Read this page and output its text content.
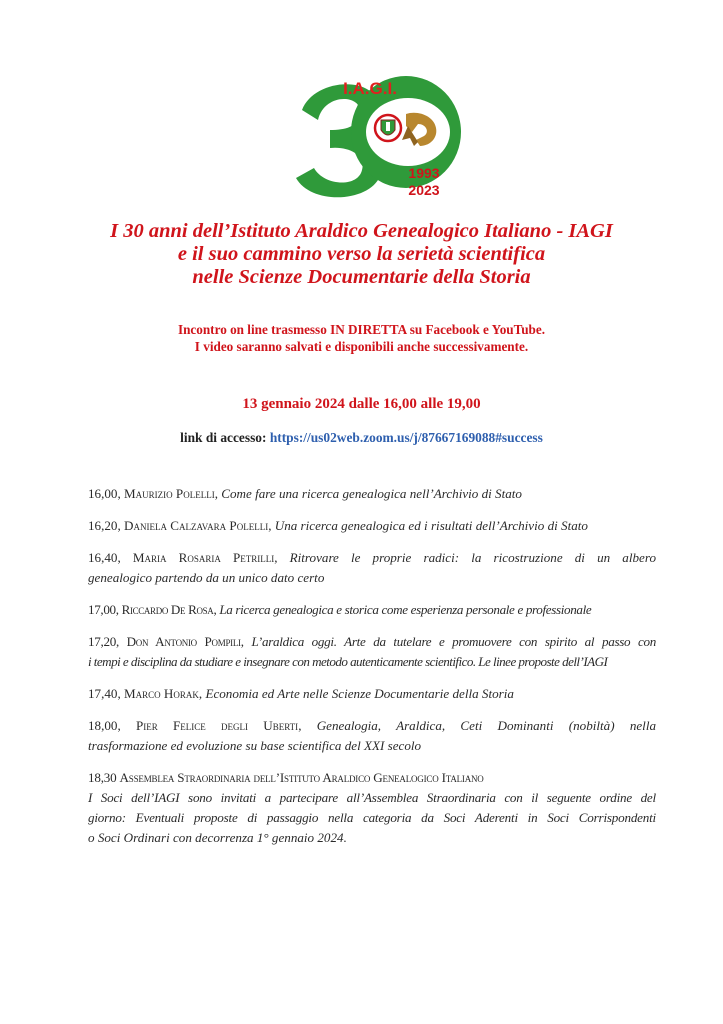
I.A.G.I.
1993
2023
I 30 anni dell’Istituto Araldico Genealogico Italiano - IAGI
e il suo cammino verso la serietà scientifica
nelle Scienze Documentarie della Storia
Incontro on line trasmesso IN DIRETTA su Facebook e YouTube.
I video saranno salvati e disponibili anche successivamente.
13 gennaio 2024 dalle 16,00 alle 19,00
link di accesso: https://us02web.zoom.us/j/87667169088#success
16,00, Maurizio Polelli, Come fare una ricerca genealogica nell’Archivio di Stato
16,20, Daniela Calzavara Polelli, Una ricerca genealogica ed i risultati dell’Archivio di Stato
16,40, Maria Rosaria Petrilli, Ritrovare le proprie radici: la ricostruzione di un albero
genealogico partendo da un unico dato certo
17,00, Riccardo De Rosa, La ricerca genealogica e storica come esperienza personale e professionale
17,20, Don Antonio Pompili, L’araldica oggi. Arte da tutelare e promuovere con spirito al passo con
i tempi e disciplina da studiare e insegnare con metodo autenticamente scientifico. Le linee proposte dell’IAGI
17,40, Marco Horak, Economia ed Arte nelle Scienze Documentarie della Storia
18,00, Pier Felice degli Uberti, Genealogia, Araldica, Ceti Dominanti (nobiltà) nella
trasformazione ed evoluzione su base scientifica del XXI secolo
18,30 Assemblea Straordinaria dell’Istituto Araldico Genealogico Italiano
I Soci dell’IAGI sono invitati a partecipare all’Assemblea Straordinaria con il seguente ordine del
giorno: Eventuali proposte di passaggio nella categoria da Soci Aderenti in Soci Corrispondenti
o Soci Ordinari con decorrenza 1° gennaio 2024.
